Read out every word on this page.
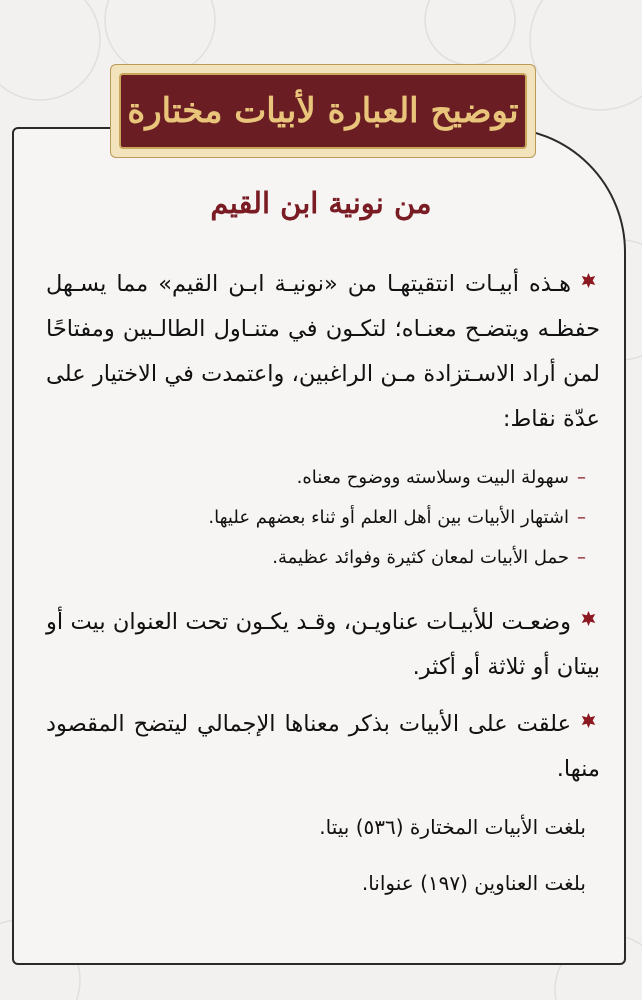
توضيح العبارة لأبيات مختارة
من نونية ابن القيم

هـذه أبيـات انتقيتهـا من «نونيـة ابـن القيم» مما يسـهل حفظـه ويتضـح معنـاه؛ لتكـون في متنـاول الطالـبين ومفتاحًا لمن أراد الاسـتزادة مـن الراغبين، واعتمدت في الاختيار على عدّة نقاط:

–سهولة البيت وسلاسته ووضوح معناه.
–اشتهار الأبيات بين أهل العلم أو ثناء بعضهم عليها.
–حمل الأبيات لمعان كثيرة وفوائد عظيمة.

وضعـت للأبيـات عناويـن، وقـد يكـون تحت العنوان بيت أو بيتان أو ثلاثة أو أكثر.

علقت على الأبيات بذكر معناها الإجمالي ليتضح المقصود منها.

بلغت الأبيات المختارة (٥٣٦) بيتا.

بلغت العناوين (١٩٧) عنوانا.
